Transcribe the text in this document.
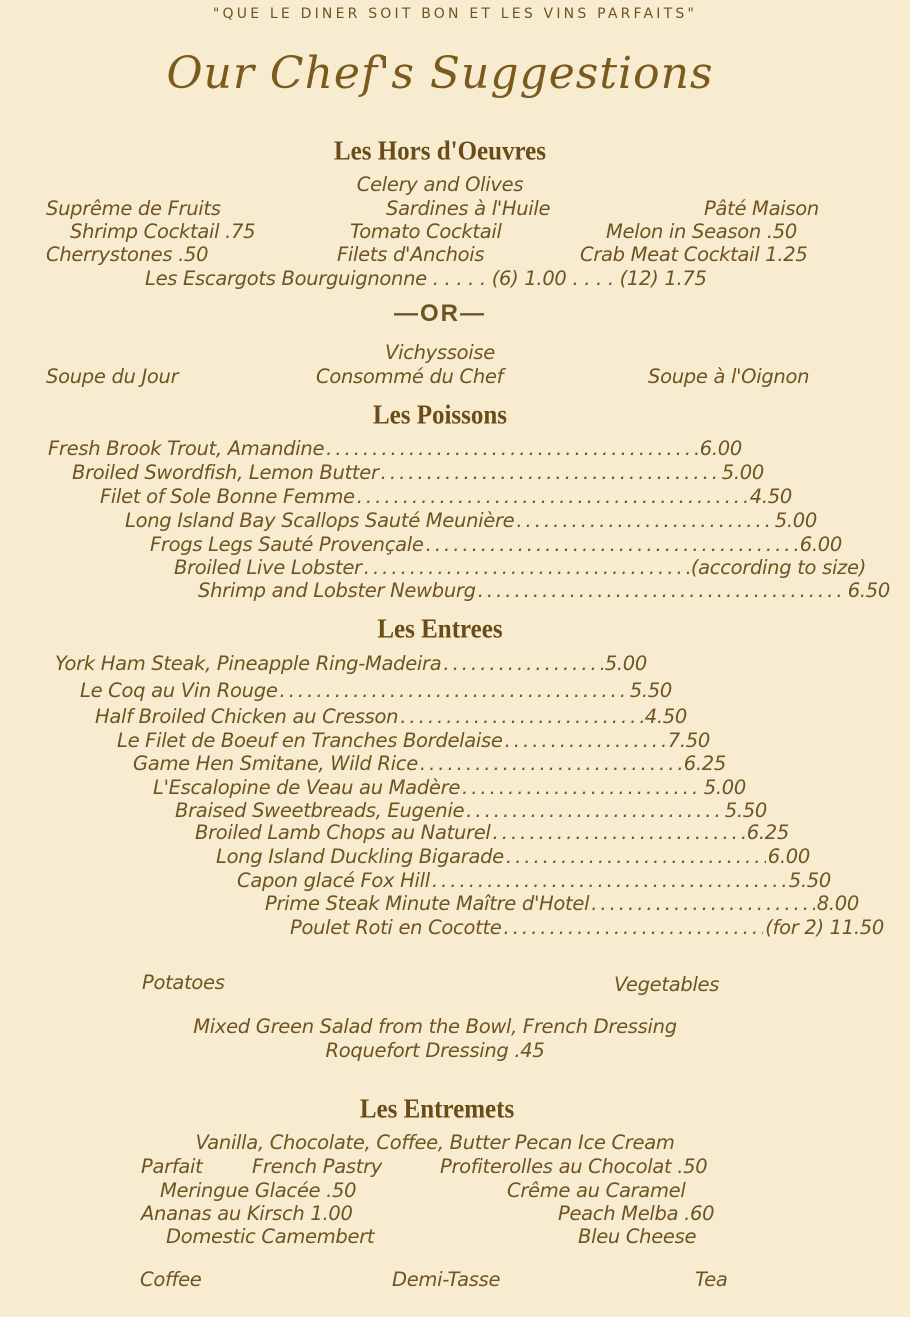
"QUE LE DINER SOIT BON ET LES VINS PARFAITS"
Our Chef's Suggestions
Les Hors d'Oeuvres
Celery and Olives
Suprême de Fruits	Sardines à l'Huile	Pâté Maison
Shrimp Cocktail .75	Tomato Cocktail	Melon in Season .50
Cherrystones .50	Filets d'Anchois	Crab Meat Cocktail 1.25
Les Escargots Bourguignonne . . . . . (6) 1.00 . . . . (12) 1.75
—OR—
Vichyssoise
Soupe du Jour	Consommé du Chef	Soupe à l'Oignon
Les Poissons
Fresh Brook Trout, Amandine . . .	6.00
Broiled Swordfish, Lemon Butter . . .	5.00
Filet of Sole Bonne Femme . . .	4.50
Long Island Bay Scallops Sauté Meunière . . .	5.00
Frogs Legs Sauté Provençale . . .	6.00
Broiled Live Lobster . . .	(according to size)
Shrimp and Lobster Newburg . . .	6.50
Les Entrees
York Ham Steak, Pineapple Ring-Madeira . . .	5.00
Le Coq au Vin Rouge . . .	5.50
Half Broiled Chicken au Cresson . . .	4.50
Le Filet de Boeuf en Tranches Bordelaise . . .	7.50
Game Hen Smitane, Wild Rice . . .	6.25
L'Escalopine de Veau au Madère . . .	5.00
Braised Sweetbreads, Eugenie . . .	5.50
Broiled Lamb Chops au Naturel . . .	6.25
Long Island Duckling Bigarade . . .	6.00
Capon glacé Fox Hill . . .	5.50
Prime Steak Minute Maître d'Hotel . . .	8.00
Poulet Roti en Cocotte . . .	(for 2) 11.50
Potatoes	Vegetables
Mixed Green Salad from the Bowl, French Dressing
Roquefort Dressing .45
Les Entremets
Vanilla, Chocolate, Coffee, Butter Pecan Ice Cream
Parfait	French Pastry	Profiterolles au Chocolat .50
Meringue Glacée .50	Crême au Caramel
Ananas au Kirsch 1.00	Peach Melba .60
Domestic Camembert	Bleu Cheese
Coffee	Demi-Tasse	Tea
